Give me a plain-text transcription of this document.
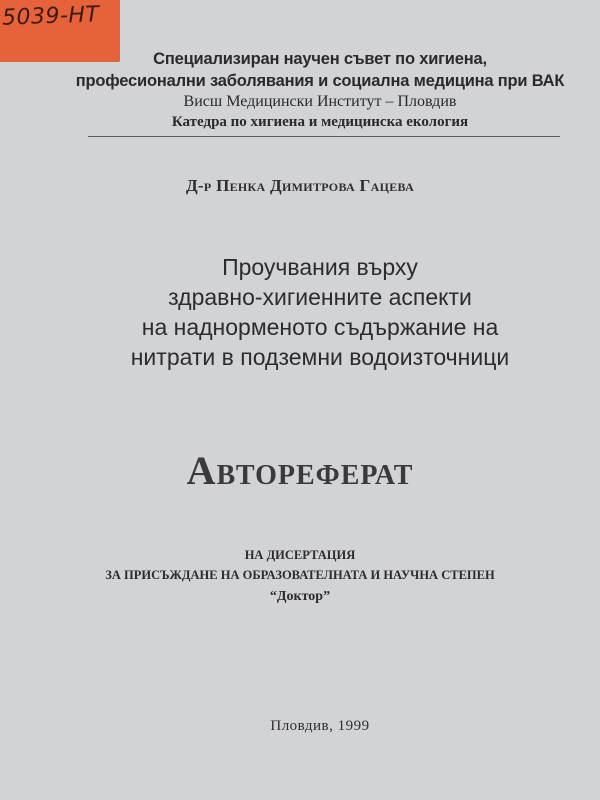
5039-НТ
Специализиран научен съвет по хигиена,
професионални заболявания и социална медицина при ВАК
Висш Медицински Институт – Пловдив
Катедра по хигиена и медицинска екология
Д-р Пенка Димитрова Гацева
Проучвания върху
здравно-хигиенните аспекти
на наднорменото съдържание на
нитрати в подземни водоизточници
Автореферат
НА ДИСЕРТАЦИЯ
ЗА ПРИСЪЖДАНЕ НА ОБРАЗОВАТЕЛНАТА И НАУЧНА СТЕПЕН
“Доктор”
Пловдив, 1999
